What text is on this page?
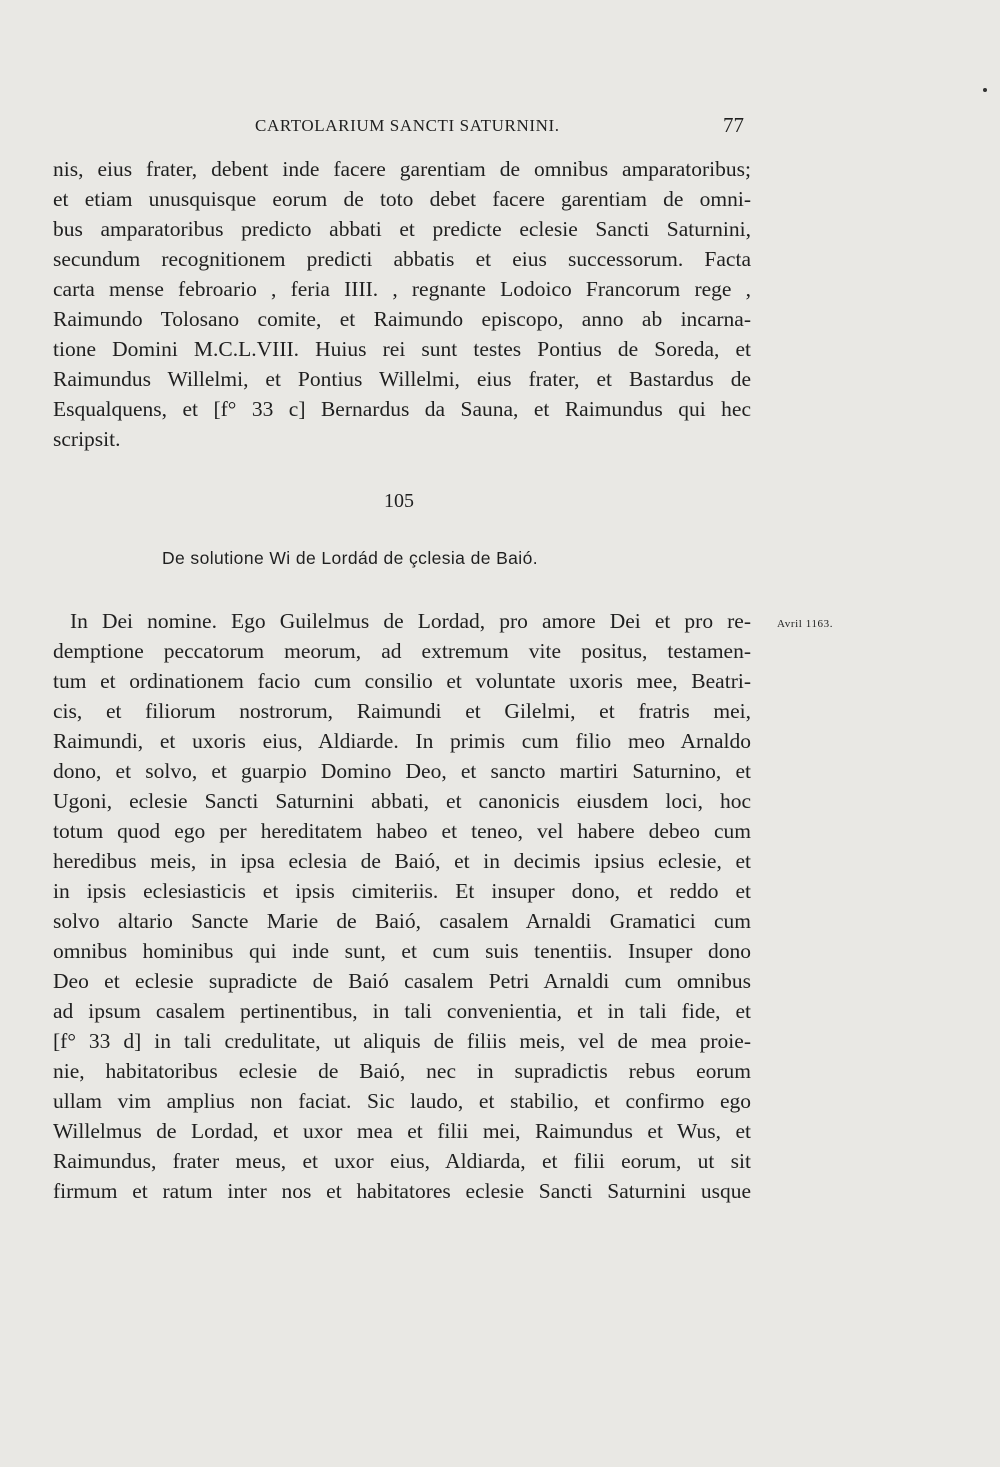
CARTOLARIUM SANCTI SATURNINI.	77
nis, eius frater, debent inde facere garentiam de omnibus amparatoribus;
et etiam unusquisque eorum de toto debet facere garentiam de omni-
bus amparatoribus predicto abbati et predicte eclesie Sancti Saturnini,
secundum recognitionem predicti abbatis et eius successorum. Facta
carta mense febroario , feria IIII. , regnante Lodoico Francorum rege ,
Raimundo Tolosano comite, et Raimundo episcopo, anno ab incarna-
tione Domini M.C.L.VIII. Huius rei sunt testes Pontius de Soreda, et
Raimundus Willelmi, et Pontius Willelmi, eius frater, et Bastardus de
Esqualquens, et [f° 33 c] Bernardus da Sauna, et Raimundus qui hec
scripsit.
105
De solutione Wi de Lordád de çclesia de Baió.
Avril 1163.
In Dei nomine. Ego Guilelmus de Lordad, pro amore Dei et pro re-
demptione peccatorum meorum, ad extremum vite positus, testamen-
tum et ordinationem facio cum consilio et voluntate uxoris mee, Beatri-
cis, et filiorum nostrorum, Raimundi et Gilelmi, et fratris mei,
Raimundi, et uxoris eius, Aldiarde. In primis cum filio meo Arnaldo
dono, et solvo, et guarpio Domino Deo, et sancto martiri Saturnino, et
Ugoni, eclesie Sancti Saturnini abbati, et canonicis eiusdem loci, hoc
totum quod ego per hereditatem habeo et teneo, vel habere debeo cum
heredibus meis, in ipsa eclesia de Baió, et in decimis ipsius eclesie, et
in ipsis eclesiasticis et ipsis cimiteriis. Et insuper dono, et reddo et
solvo altario Sancte Marie de Baió, casalem Arnaldi Gramatici cum
omnibus hominibus qui inde sunt, et cum suis tenentiis. Insuper dono
Deo et eclesie supradicte de Baió casalem Petri Arnaldi cum omnibus
ad ipsum casalem pertinentibus, in tali convenientia, et in tali fide, et
[f° 33 d] in tali credulitate, ut aliquis de filiis meis, vel de mea proie-
nie, habitatoribus eclesie de Baió, nec in supradictis rebus eorum
ullam vim amplius non faciat. Sic laudo, et stabilio, et confirmo ego
Willelmus de Lordad, et uxor mea et filii mei, Raimundus et Wus, et
Raimundus, frater meus, et uxor eius, Aldiarda, et filii eorum, ut sit
firmum et ratum inter nos et habitatores eclesie Sancti Saturnini usque
